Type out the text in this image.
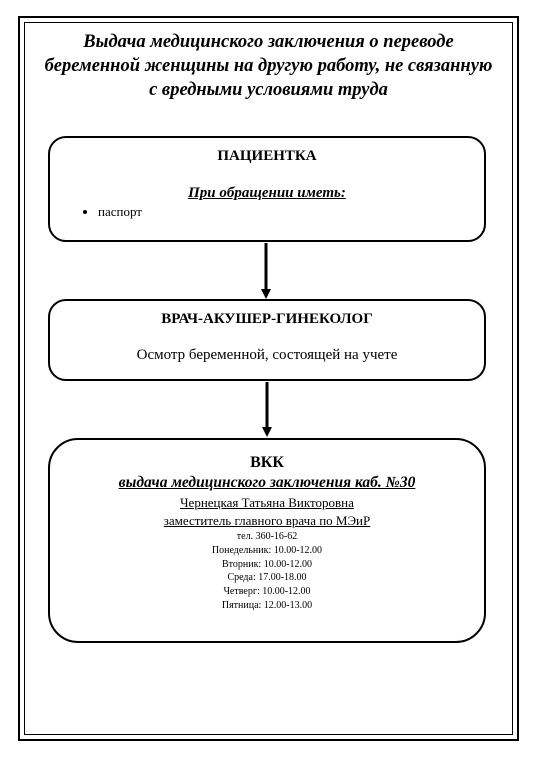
Выдача медицинского заключения о переводе беременной женщины на другую работу, не связанную с вредными условиями труда
ПАЦИЕНТКА
При обращении иметь:
• паспорт
ВРАЧ-АКУШЕР-ГИНЕКОЛОГ
Осмотр беременной, состоящей на учете
ВКК
выдача медицинского заключения каб. №30
Чернецкая Татьяна Викторовна
заместитель главного врача по МЭиР
тел. 360-16-62
Понедельник: 10.00-12.00
Вторник: 10.00-12.00
Среда: 17.00-18.00
Четверг: 10.00-12.00
Пятница: 12.00-13.00
